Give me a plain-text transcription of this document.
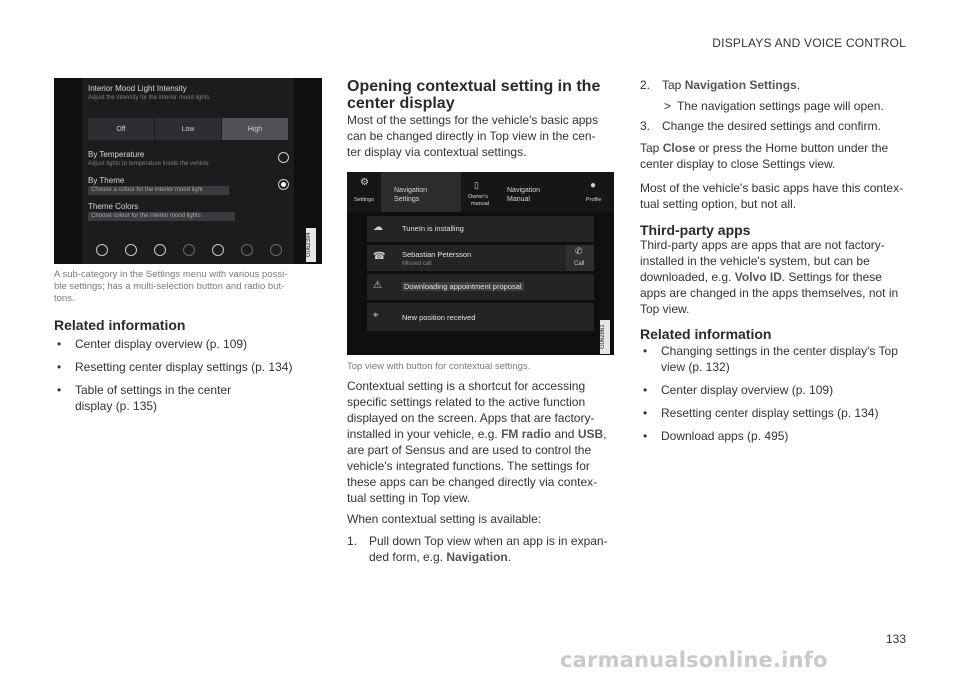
DISPLAYS AND VOICE CONTROL
133
carmanualsonline.info
Interior Mood Light Intensity
Adjust the intensity for the interior mood lights
Off	Low	High
By Temperature
Adjust lights to temperature inside the vehicle
By Theme
Choose a colour for the interior mood light
Theme Colors
Choose colour for the interior mood lights
G062394
A sub-category in the Settings menu with various possi-
ble settings; has a multi-selection button and radio but-
tons.
Related information
• Center display overview (p. 109)
• Resetting center display settings (p. 134)
• Table of settings in the center display (p. 135)
Opening contextual setting in the
center display
Most of the settings for the vehicle's basic apps
can be changed directly in Top view in the cen-
ter display via contextual settings.
⚙
Settings
Navigation
Settings
▯
Owner's
manual
Navigation
Manual
●
Profile
☁	TuneIn is installing
☎ Sebastian Petersson
Missed call
✆
Call
⚠	Downloading appointment proposal
⌖	New position received
G062861
Top view with button for contextual settings.
Contextual setting is a shortcut for accessing
specific settings related to the active function
displayed on the screen. Apps that are factory-
installed in your vehicle, e.g. FM radio and USB,
are part of Sensus and are used to control the
vehicle's integrated functions. The settings for
these apps can be changed directly via contex-
tual setting in Top view.
When contextual setting is available:
1. Pull down Top view when an app is in expan-
ded form, e.g. Navigation.
2. Tap Navigation Settings.
> The navigation settings page will open.
3. Change the desired settings and confirm.
Tap Close or press the Home button under the
center display to close Settings view.
Most of the vehicle's basic apps have this contex-
tual setting option, but not all.
Third-party apps
Third-party apps are apps that are not factory-
installed in the vehicle's system, but can be
downloaded, e.g. Volvo ID. Settings for these
apps are changed in the apps themselves, not in
Top view.
Related information
• Changing settings in the center display's Top view (p. 132)
• Center display overview (p. 109)
• Resetting center display settings (p. 134)
• Download apps (p. 495)
